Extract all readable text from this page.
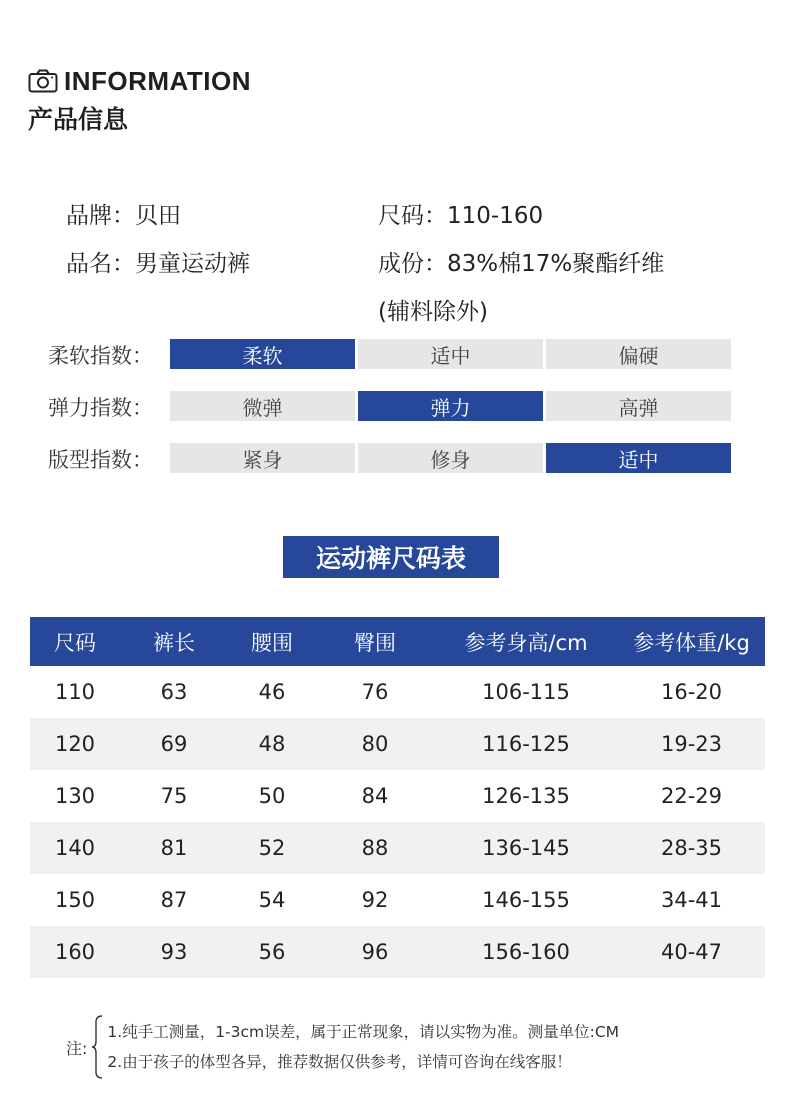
INFORMATION
产品信息
品牌：贝田	尺码：110-160
品名：男童运动裤	成份：83%棉17%聚酯纤维
(辅料除外)
柔软指数：	柔软	适中	偏硬
弹力指数：	微弹	弹力	高弹
版型指数：	紧身	修身	适中
运动裤尺码表
尺码	裤长	腰围	臀围	参考身高/cm	参考体重/kg
110	63	46	76	106-115	16-20
120	69	48	80	116-125	19-23
130	75	50	84	126-135	22-29
140	81	52	88	136-145	28-35
150	87	54	92	146-155	34-41
160	93	56	96	156-160	40-47
注:
1.纯手工测量，1-3cm误差，属于正常现象，请以实物为准。测量单位:CM
2.由于孩子的体型各异，推荐数据仅供参考，详情可咨询在线客服！
